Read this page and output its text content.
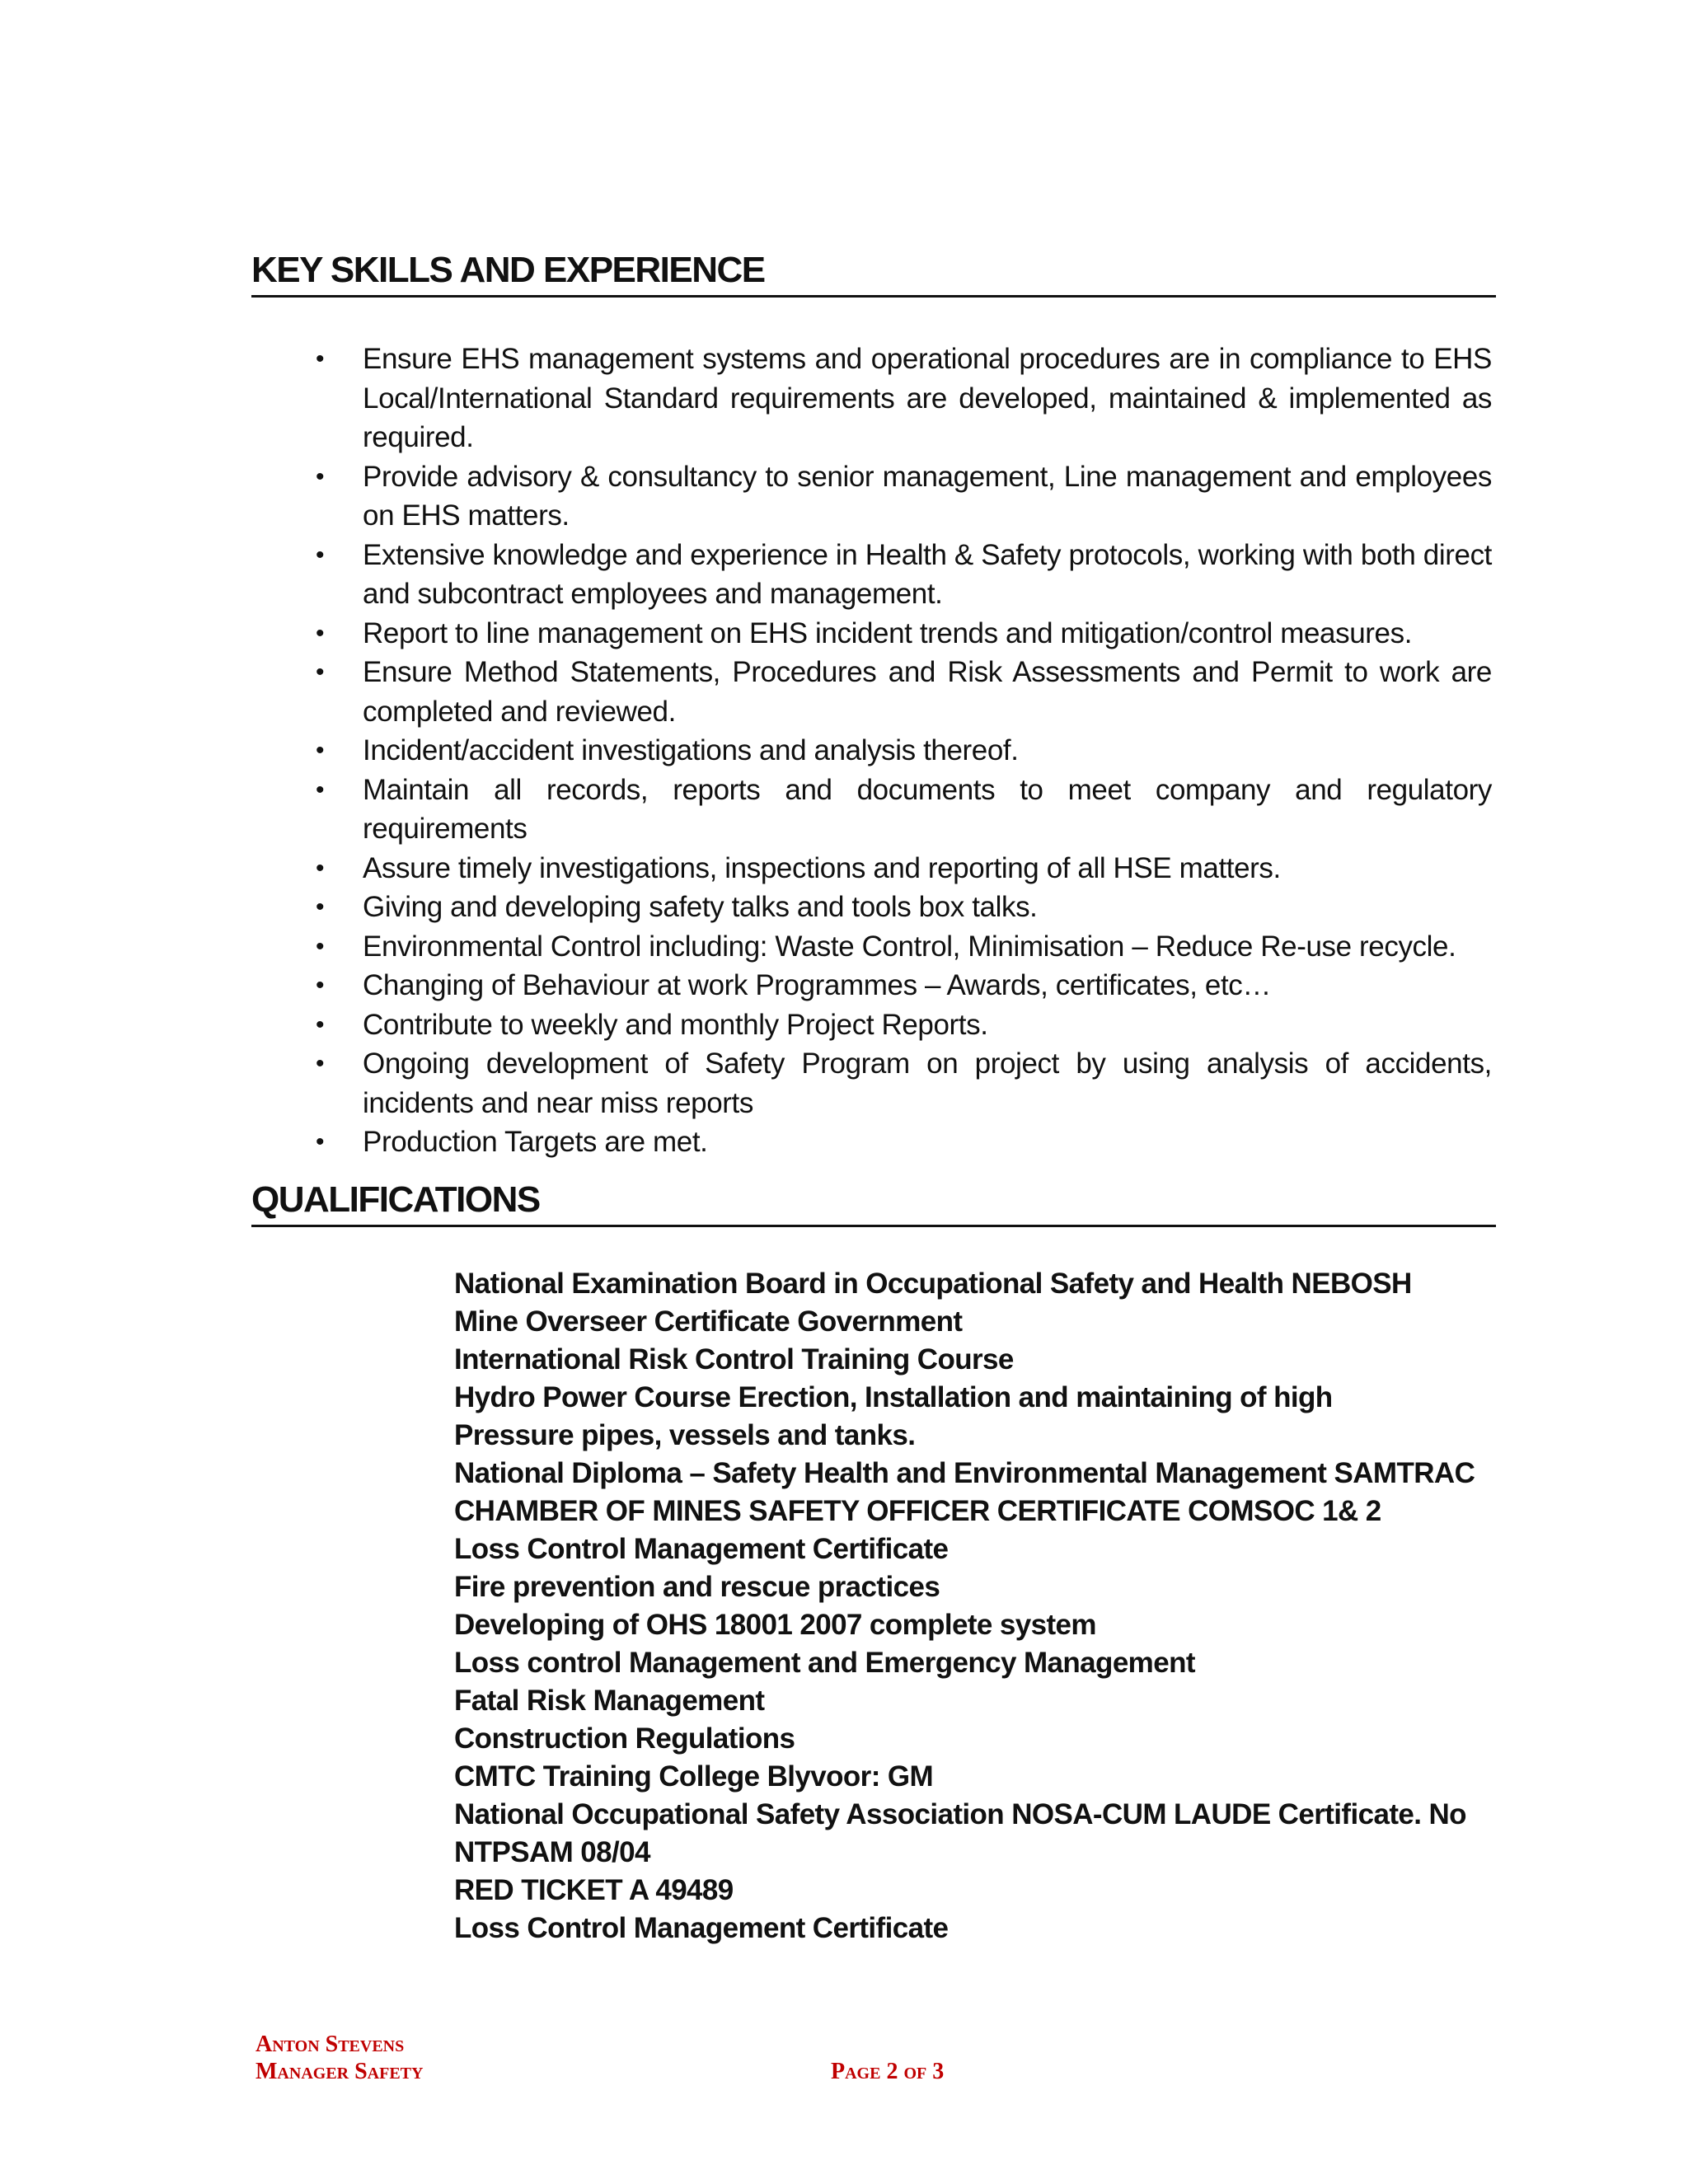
KEY SKILLS AND EXPERIENCE
• Ensure EHS management systems and operational procedures are in compliance to EHS Local/International Standard requirements are developed, maintained & implemented as required.
• Provide advisory & consultancy to senior management, Line management and employees on EHS matters.
• Extensive knowledge and experience in Health & Safety protocols, working with both direct and subcontract employees and management.
• Report to line management on EHS incident trends and mitigation/control measures.
• Ensure Method Statements, Procedures and Risk Assessments and Permit to work are completed and reviewed.
• Incident/accident investigations and analysis thereof.
• Maintain all records, reports and documents to meet company and regulatory requirements
• Assure timely investigations, inspections and reporting of all HSE matters.
• Giving and developing safety talks and tools box talks.
• Environmental Control including: Waste Control, Minimisation – Reduce Re-use recycle.
• Changing of Behaviour at work Programmes – Awards, certificates, etc…
• Contribute to weekly and monthly Project Reports.
• Ongoing development of Safety Program on project by using analysis of accidents, incidents and near miss reports
• Production Targets are met.
QUALIFICATIONS
National Examination Board in Occupational Safety and Health NEBOSH
Mine Overseer Certificate Government
International Risk Control Training Course
Hydro Power Course Erection, Installation and maintaining of high
Pressure pipes, vessels and tanks.
National Diploma – Safety Health and Environmental Management SAMTRAC
CHAMBER OF MINES SAFETY OFFICER CERTIFICATE COMSOC 1& 2
Loss Control Management Certificate
Fire prevention and rescue practices
Developing of OHS 18001 2007 complete system
Loss control Management and Emergency Management
Fatal Risk Management
Construction Regulations
CMTC Training College Blyvoor: GM
National Occupational Safety Association NOSA-CUM LAUDE Certificate. No
NTPSAM 08/04
RED TICKET A 49489
Loss Control Management Certificate
Anton Stevens
Manager Safety	Page 2 of 3
